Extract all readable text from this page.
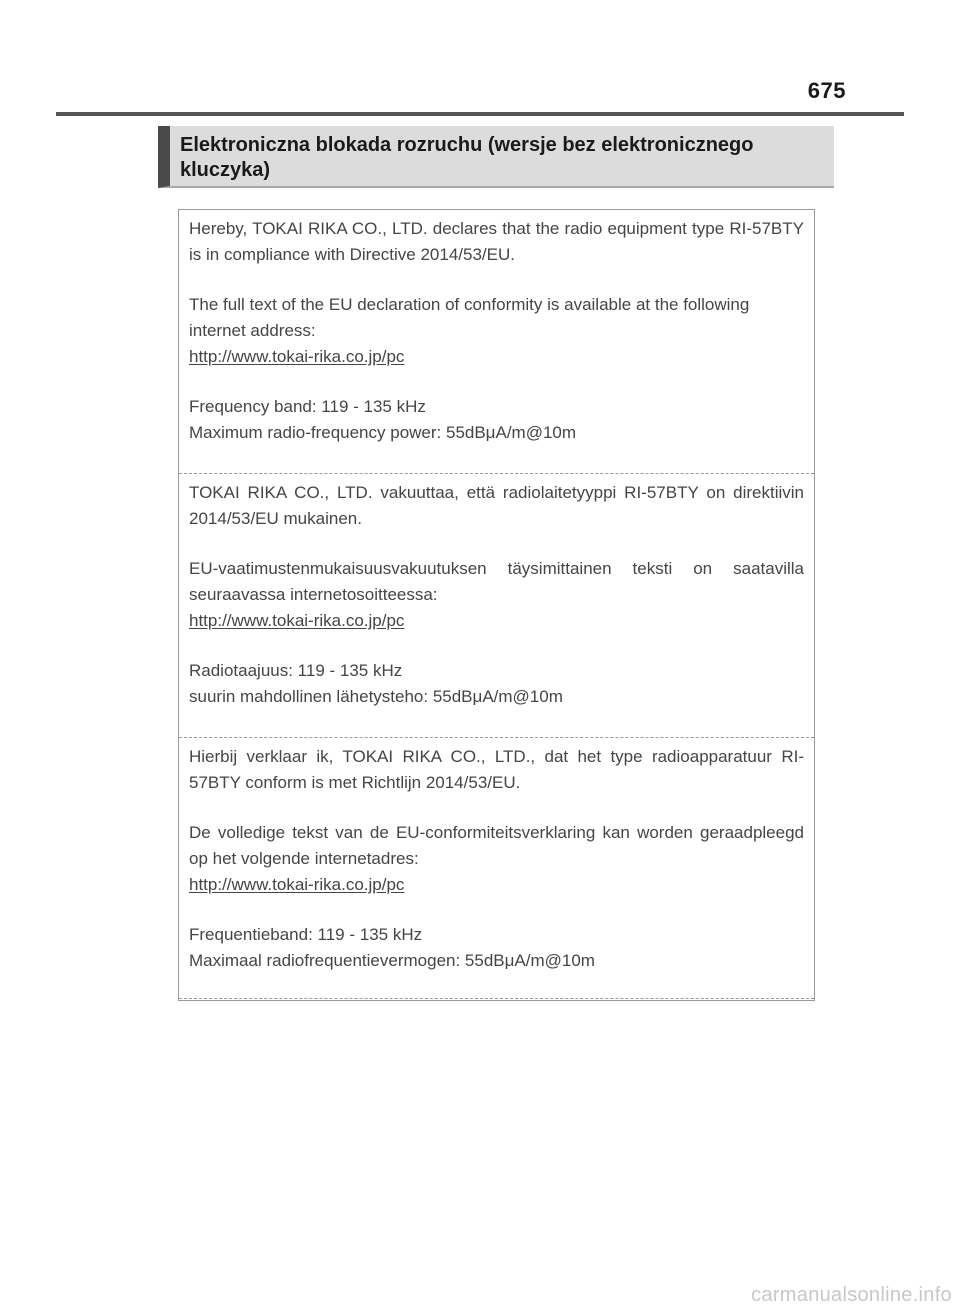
675
Elektroniczna blokada rozruchu (wersje bez elektronicznego kluczyka)

Hereby, TOKAI RIKA CO., LTD. declares that the radio equipment type RI-57BTY is in compliance with Directive 2014/53/EU.

The full text of the EU declaration of conformity is available at the following internet address:

http://www.tokai-rika.co.jp/pc

Frequency band: 119 - 135 kHz

Maximum radio-frequency power: 55dBμA/m@10m

TOKAI RIKA CO., LTD. vakuuttaa, että radiolaitetyyppi RI-57BTY on direktiivin 2014/53/EU mukainen.

EU-vaatimustenmukaisuusvakuutuksen täysimittainen teksti on saatavilla seuraavassa internetosoitteessa:

http://www.tokai-rika.co.jp/pc

Radiotaajuus: 119 - 135 kHz

suurin mahdollinen lähetysteho: 55dBμA/m@10m

Hierbij verklaar ik, TOKAI RIKA CO., LTD., dat het type radioapparatuur RI-57BTY conform is met Richtlijn 2014/53/EU.

De volledige tekst van de EU-conformiteitsverklaring kan worden geraadpleegd op het volgende internetadres:

http://www.tokai-rika.co.jp/pc

Frequentieband: 119 - 135 kHz

Maximaal radiofrequentievermogen: 55dBμA/m@10m

carmanualsonline.info
